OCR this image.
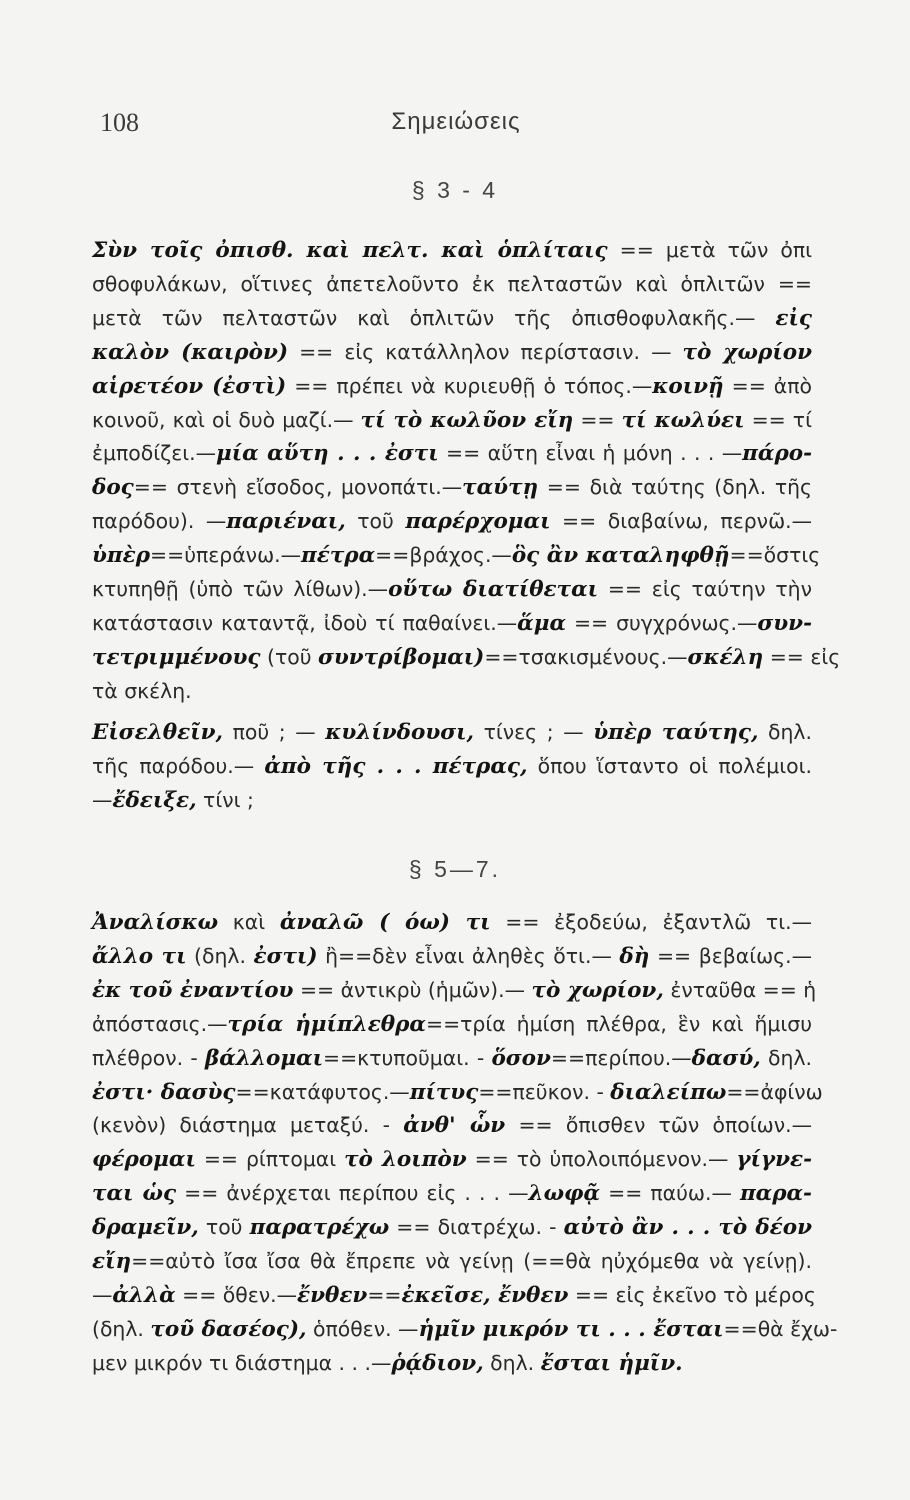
108	Σημειώσεις
§ 3 - 4
Σὺν τοῖς ὀπισθ. καὶ πελτ. καὶ ὁπλίταις == μετὰ τῶν ὀπι
σθοφυλάκων, οἵτινες ἀπετελοῦντο ἐκ πελταστῶν καὶ ὁπλιτῶν ==
μετὰ τῶν πελταστῶν καὶ ὁπλιτῶν τῆς ὀπισθοφυλακῆς.— εἰς
καλὸν (καιρὸν) == εἰς κατάλληλον περίστασιν. — τὸ χωρίον
αἱρετέον (ἐστὶ) == πρέπει νὰ κυριευθῇ ὁ τόπος.—κοινῇ == ἀπὸ
κοινοῦ, καὶ οἱ δυὸ μαζί.— τί τὸ κωλῦον εἴη == τί κωλύει == τί
ἐμποδίζει.—μία αὕτη . . . ἐστι == αὕτη εἶναι ἡ μόνη . . . —πάρο-
δος== στενὴ εἴσοδος, μονοπάτι.—ταύτῃ == διὰ ταύτης (δηλ. τῆς
παρόδου). —παριέναι, τοῦ παρέρχομαι == διαβαίνω, περνῶ.—
ὑπὲρ==ὑπεράνω.—πέτρα==βράχος.—ὃς ἂν καταληφθῇ==ὅστις
κτυπηθῇ (ὑπὸ τῶν λίθων).—οὕτω διατίθεται == εἰς ταύτην τὴν
κατάστασιν καταντᾷ, ἰδοὺ τί παθαίνει.—ἅμα == συγχρόνως.—συν-
τετριμμένους (τοῦ συντρίβομαι)==τσακισμένους.—σκέλη == εἰς
τὰ σκέλη.
Εἰσελθεῖν, ποῦ ; — κυλίνδουσι, τίνες ; — ὑπὲρ ταύτης, δηλ.
τῆς παρόδου.— ἀπὸ τῆς . . . πέτρας, ὅπου ἵσταντο οἱ πολέμιοι.
—ἔδειξε, τίνι ;
§ 5—7.
Ἀναλίσκω καὶ ἀναλῶ ( όω) τι == ἐξοδεύω, ἐξαντλῶ τι.—
ἄλλο τι (δηλ. ἐστι) ἢ==δὲν εἶναι ἀληθὲς ὅτι.— δὴ == βεβαίως.—
ἐκ τοῦ ἐναντίου == ἀντικρὺ (ἡμῶν).— τὸ χωρίον, ἐνταῦθα == ἡ
ἀπόστασις.—τρία ἡμίπλεθρα==τρία ἡμίση πλέθρα, ἓν καὶ ἥμισυ
πλέθρον. - βάλλομαι==κτυποῦμαι. - ὅσον==περίπου.—δασύ, δηλ.
ἐστι· δασὺς==κατάφυτος.—πίτυς==πεῦκον. - διαλείπω==ἀφίνω
(κενὸν) διάστημα μεταξύ. - ἀνθ' ὧν == ὄπισθεν τῶν ὁποίων.—
φέρομαι == ρίπτομαι τὸ λοιπὸν == τὸ ὑπολοιπόμενον.— γίγνε-
ται ὡς == ἀνέρχεται περίπου εἰς . . . —λωφᾷ == παύω.— παρα-
δραμεῖν, τοῦ παρατρέχω == διατρέχω. - αὐτὸ ἂν . . . τὸ δέον
εἴη==αὐτὸ ἴσα ἴσα θὰ ἔπρεπε νὰ γείνῃ (==θὰ ηὐχόμεθα νὰ γείνῃ).
—ἀλλὰ == ὅθεν.—ἔνθεν==ἐκεῖσε, ἔνθεν == εἰς ἐκεῖνο τὸ μέρος
(δηλ. τοῦ δασέος), ὁπόθεν. —ἡμῖν μικρόν τι . . . ἔσται==θὰ ἔχω-
μεν μικρόν τι διάστημα . . .—ῥᾴδιον, δηλ. ἔσται ἡμῖν.
